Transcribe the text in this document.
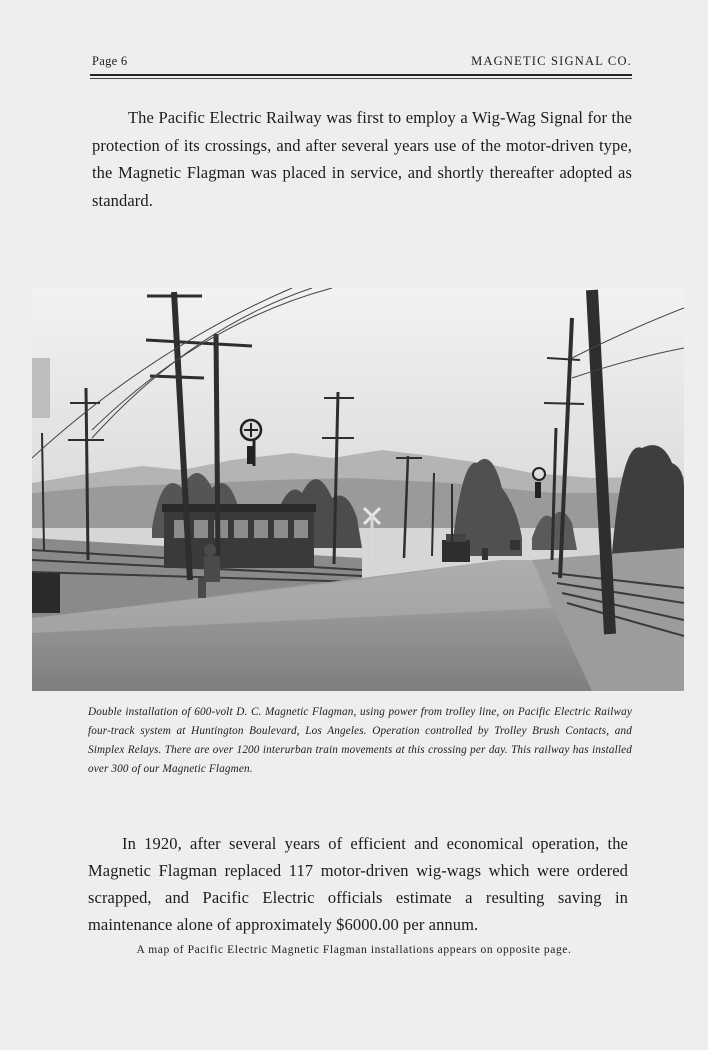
Page 6	MAGNETIC SIGNAL CO.

The Pacific Electric Railway was first to employ a Wig-Wag Signal for the protection of its crossings, and after several years use of the motor-driven type, the Magnetic Flagman was placed in service, and shortly thereafter adopted as standard.

Double installation of 600-volt D. C. Magnetic Flagman, using power from trolley line, on Pacific Electric Railway four-track system at Huntington Boulevard, Los Angeles. Operation controlled by Trolley Brush Contacts, and Simplex Relays. There are over 1200 interurban train movements at this crossing per day. This railway has installed over 300 of our Magnetic Flagmen.

In 1920, after several years of efficient and economical operation, the Magnetic Flagman replaced 117 motor-driven wig-wags which were ordered scrapped, and Pacific Electric officials estimate a resulting saving in maintenance alone of approximately $6000.00 per annum.

A map of Pacific Electric Magnetic Flagman installations appears on opposite page.
